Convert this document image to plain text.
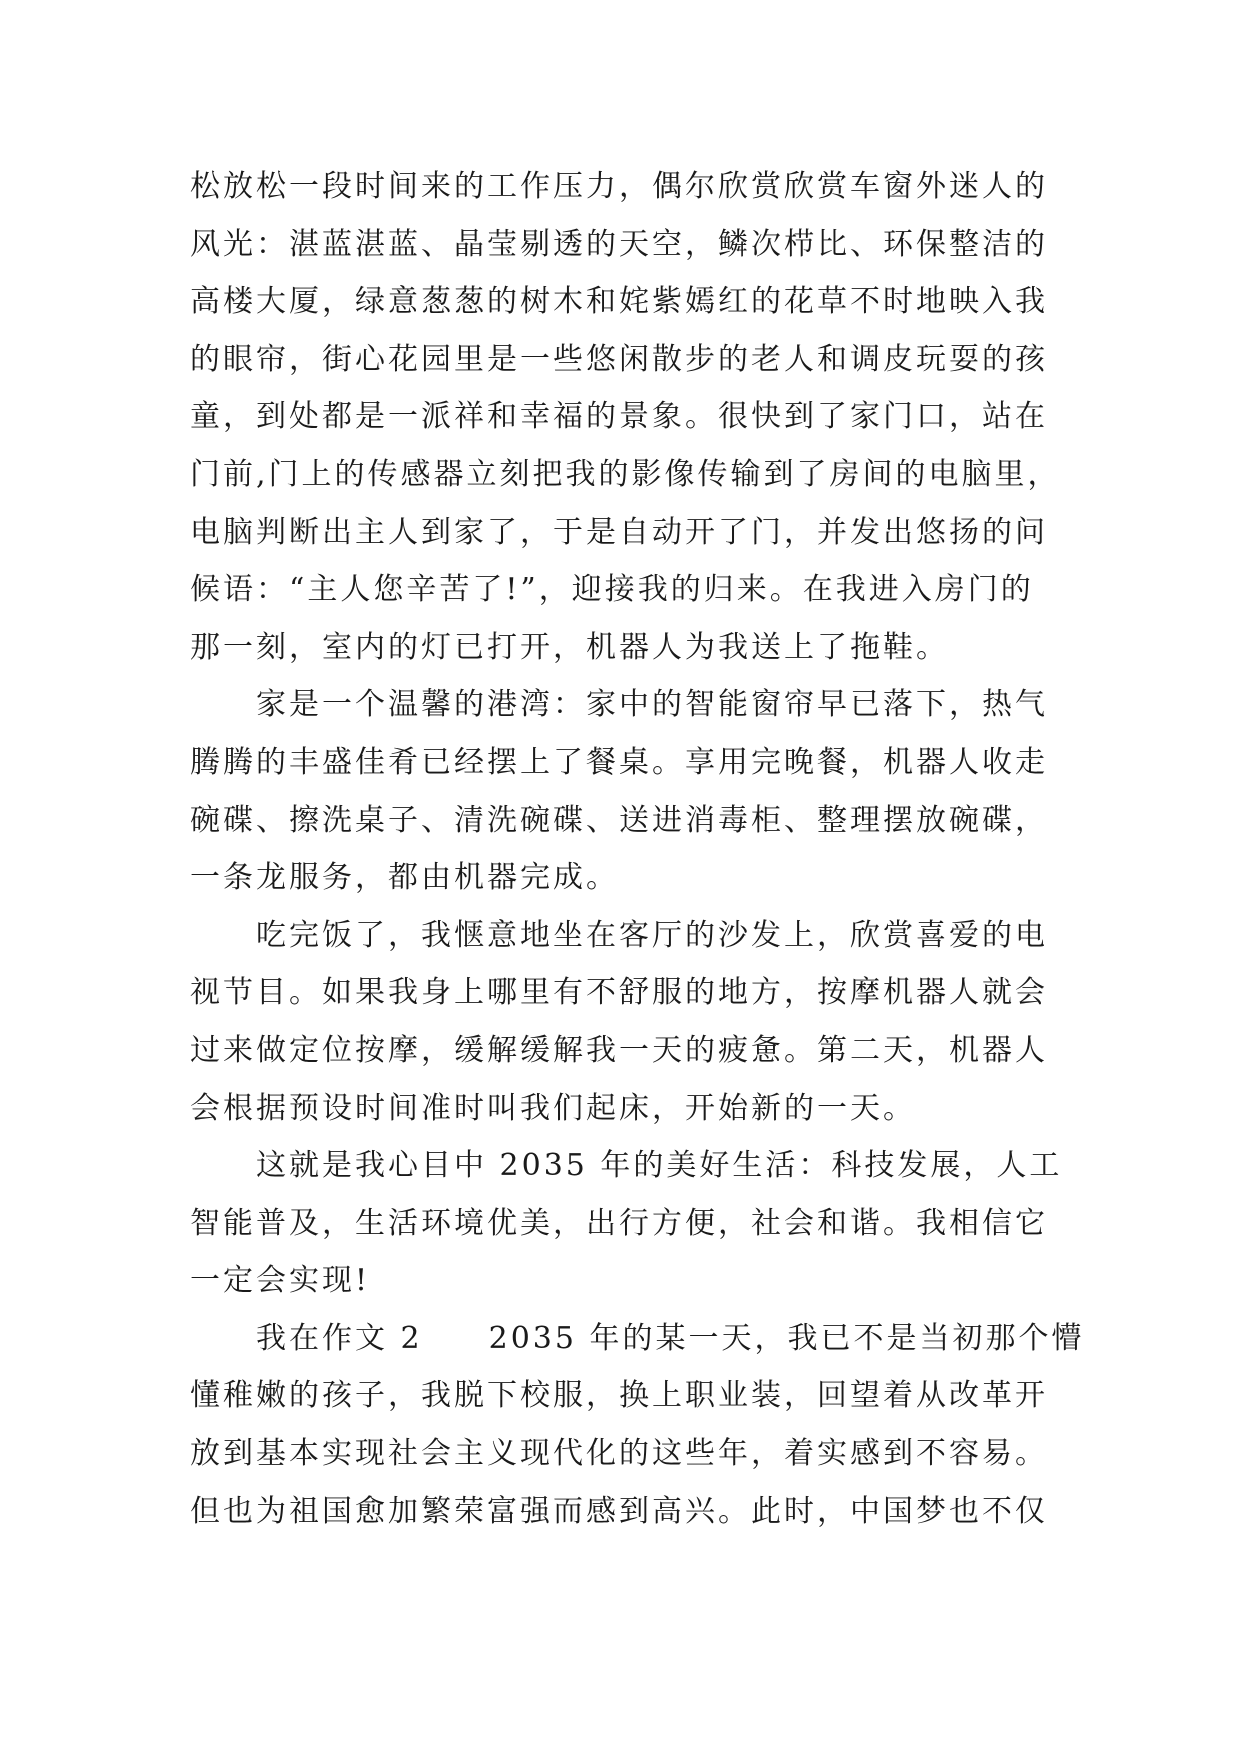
松放松一段时间来的工作压力，偶尔欣赏欣赏车窗外迷人的
风光：湛蓝湛蓝、晶莹剔透的天空，鳞次栉比、环保整洁的
高楼大厦，绿意葱葱的树木和姹紫嫣红的花草不时地映入我
的眼帘，街心花园里是一些悠闲散步的老人和调皮玩耍的孩
童，到处都是一派祥和幸福的景象。很快到了家门口，站在
门前,门上的传感器立刻把我的影像传输到了房间的电脑里，
电脑判断出主人到家了，于是自动开了门，并发出悠扬的问
候语：“主人您辛苦了!”，迎接我的归来。在我进入房门的
那一刻，室内的灯已打开，机器人为我送上了拖鞋。
　　家是一个温馨的港湾：家中的智能窗帘早已落下，热气
腾腾的丰盛佳肴已经摆上了餐桌。享用完晚餐，机器人收走
碗碟、擦洗桌子、清洗碗碟、送进消毒柜、整理摆放碗碟，
一条龙服务，都由机器完成。
　　吃完饭了，我惬意地坐在客厅的沙发上，欣赏喜爱的电
视节目。如果我身上哪里有不舒服的地方，按摩机器人就会
过来做定位按摩，缓解缓解我一天的疲惫。第二天，机器人
会根据预设时间准时叫我们起床，开始新的一天。
　　这就是我心目中 2035 年的美好生活：科技发展，人工
智能普及，生活环境优美，出行方便，社会和谐。我相信它
一定会实现!
　　我在作文 2　　2035 年的某一天，我已不是当初那个懵
懂稚嫩的孩子，我脱下校服，换上职业装，回望着从改革开
放到基本实现社会主义现代化的这些年，着实感到不容易。
但也为祖国愈加繁荣富强而感到高兴。此时，中国梦也不仅
